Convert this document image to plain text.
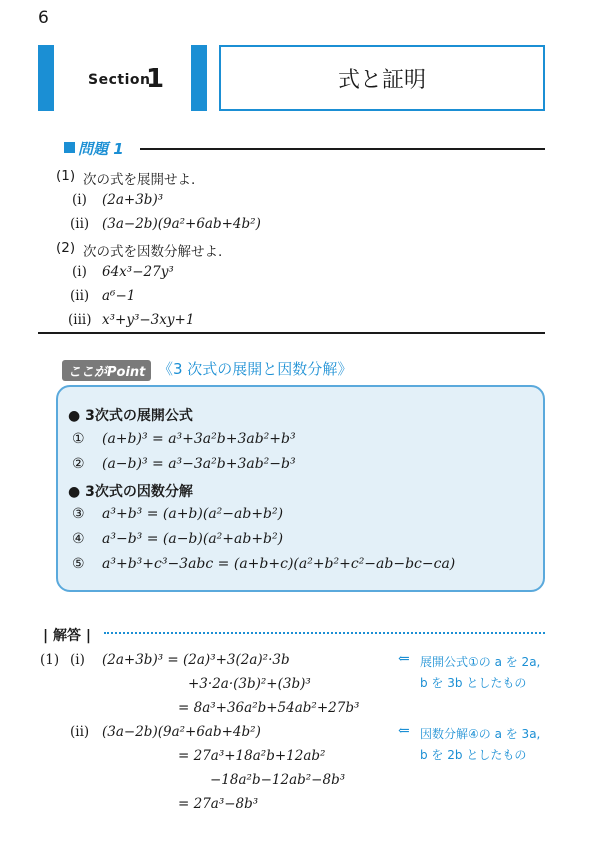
6
Section
1	式と証明
問題 1
(1) 次の式を展開せよ.
(i) (2a+3b)³
(ii) (3a−2b)(9a²+6ab+4b²)
(2) 次の式を因数分解せよ.
(i) 64x³−27y³
(ii) a⁶−1
(iii) x³+y³−3xy+1
ここがPoint 《3 次式の展開と因数分解》
● 3次式の展開公式
① (a+b)³ = a³+3a²b+3ab²+b³
② (a−b)³ = a³−3a²b+3ab²−b³
● 3次式の因数分解
③ a³+b³ = (a+b)(a²−ab+b²)
④ a³−b³ = (a−b)(a²+ab+b²)
⑤ a³+b³+c³−3abc = (a+b+c)(a²+b²+c²−ab−bc−ca)
| 解答 |
(1) (i) (2a+3b)³ = (2a)³+3(2a)²·3b
+3·2a·(3b)²+(3b)³
= 8a³+36a²b+54ab²+27b³
(ii) (3a−2b)(9a²+6ab+4b²)
= 27a³+18a²b+12ab²
−18a²b−12ab²−8b³
= 27a³−8b³
⇐ 展開公式①の a を 2a,
b を 3b としたもの
⇐ 因数分解④の a を 3a,
b を 2b としたもの
